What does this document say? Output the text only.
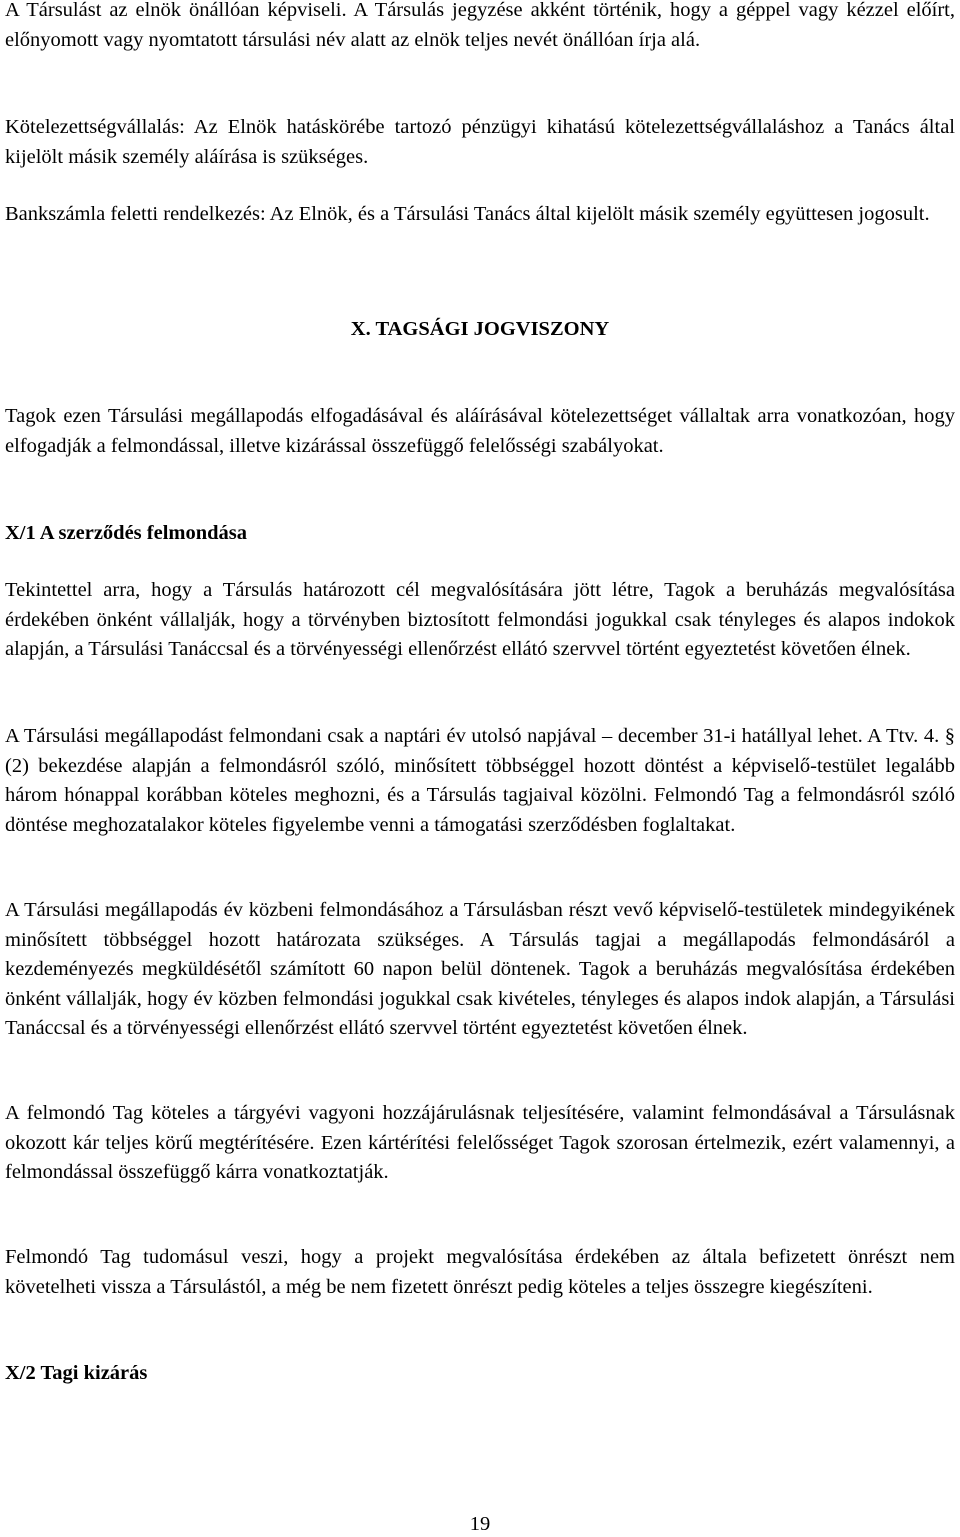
A Társulást az elnök önállóan képviseli. A Társulás jegyzése akként történik, hogy a géppel vagy kézzel előírt, előnyomott vagy nyomtatott társulási név alatt az elnök teljes nevét önállóan írja alá.

Kötelezettségvállalás: Az Elnök hatáskörébe tartozó pénzügyi kihatású kötelezettségvállaláshoz a Tanács által kijelölt másik személy aláírása is szükséges.

Bankszámla feletti rendelkezés: Az Elnök, és a Társulási Tanács által kijelölt másik személy együttesen jogosult.

X. TAGSÁGI JOGVISZONY

Tagok ezen Társulási megállapodás elfogadásával és aláírásával kötelezettséget vállaltak arra vonatkozóan, hogy elfogadják a felmondással, illetve kizárással összefüggő felelősségi szabályokat.

X/1 A szerződés felmondása

Tekintettel arra, hogy a Társulás határozott cél megvalósítására jött létre, Tagok a beruházás megvalósítása érdekében önként vállalják, hogy a törvényben biztosított felmondási jogukkal csak tényleges és alapos indokok alapján, a Társulási Tanáccsal és a törvényességi ellenőrzést ellátó szervvel történt egyeztetést követően élnek.

A Társulási megállapodást felmondani csak a naptári év utolsó napjával – december 31-i hatállyal lehet. A Ttv. 4. § (2) bekezdése alapján a felmondásról szóló, minősített többséggel hozott döntést a képviselő-testület legalább három hónappal korábban köteles meghozni, és a Társulás tagjaival közölni. Felmondó Tag a felmondásról szóló döntése meghozatalakor köteles figyelembe venni a támogatási szerződésben foglaltakat.

A Társulási megállapodás év közbeni felmondásához a Társulásban részt vevő képviselő-testületek mindegyikének minősített többséggel hozott határozata szükséges. A Társulás tagjai a megállapodás felmondásáról a kezdeményezés megküldésétől számított 60 napon belül döntenek. Tagok a beruházás megvalósítása érdekében önként vállalják, hogy év közben felmondási jogukkal csak kivételes, tényleges és alapos indok alapján, a Társulási Tanáccsal és a törvényességi ellenőrzést ellátó szervvel történt egyeztetést követően élnek.

A felmondó Tag köteles a tárgyévi vagyoni hozzájárulásnak teljesítésére, valamint felmondásával a Társulásnak okozott kár teljes körű megtérítésére. Ezen kártérítési felelősséget Tagok szorosan értelmezik, ezért valamennyi, a felmondással összefüggő kárra vonatkoztatják.

Felmondó Tag tudomásul veszi, hogy a projekt megvalósítása érdekében az általa befizetett önrészt nem követelheti vissza a Társulástól, a még be nem fizetett önrészt pedig köteles a teljes összegre kiegészíteni.

X/2 Tagi kizárás
19
